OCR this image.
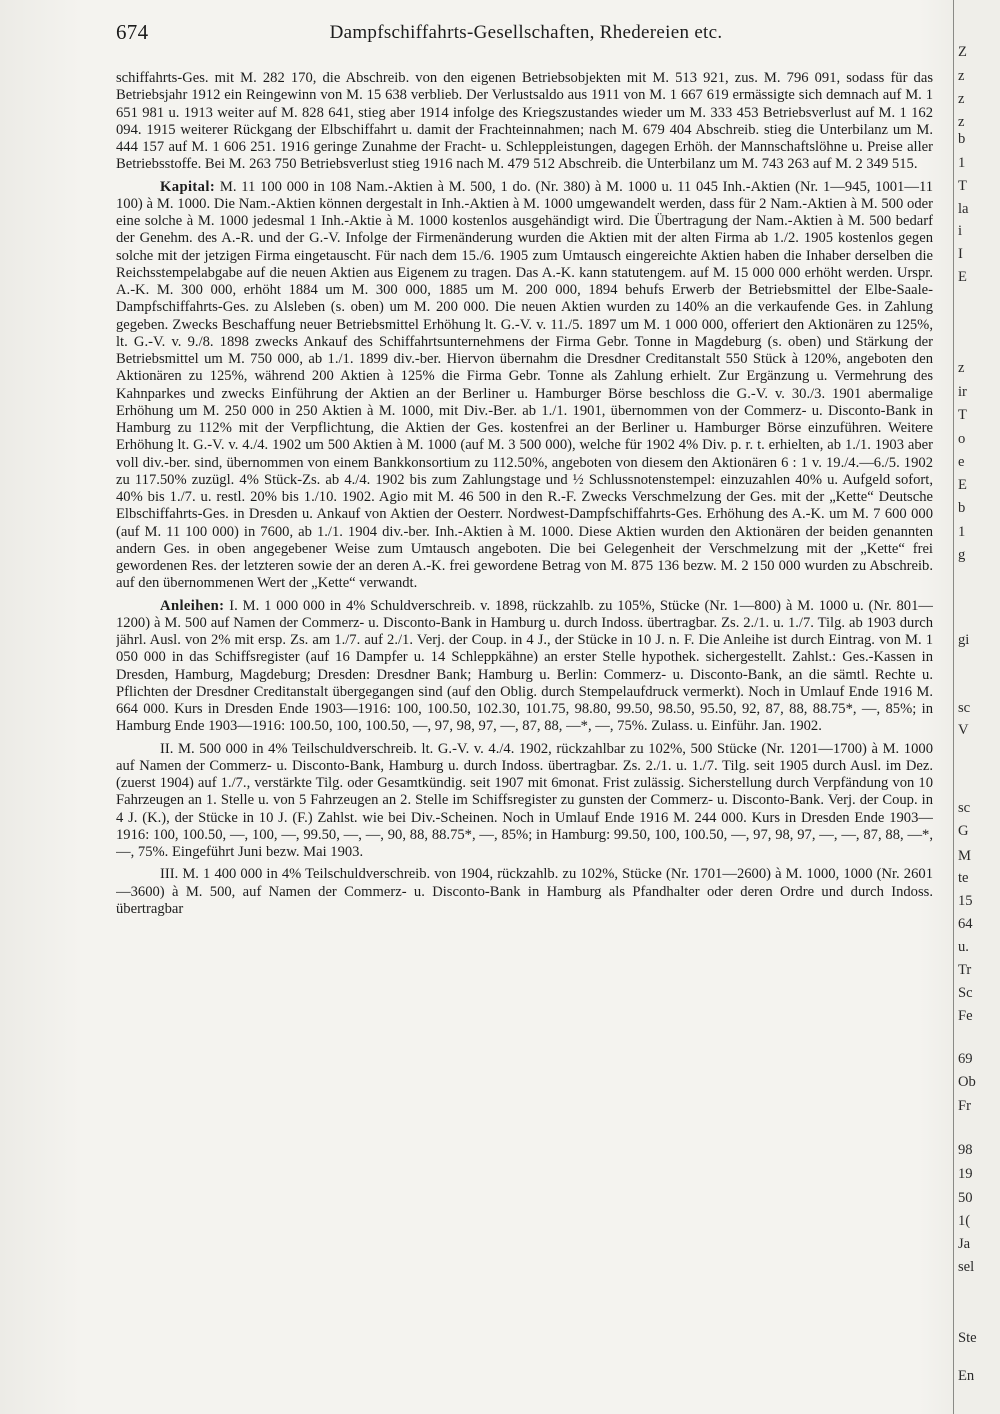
674	Dampfschiffahrts-Gesellschaften, Rhedereien etc.

schiffahrts-Ges. mit M. 282 170, die Abschreib. von den eigenen Betriebsobjekten mit M. 513 921, zus. M. 796 091, sodass für das Betriebsjahr 1912 ein Reingewinn von M. 15 638 verblieb. Der Verlustsaldo aus 1911 von M. 1 667 619 ermässigte sich demnach auf M. 1 651 981 u. 1913 weiter auf M. 828 641, stieg aber 1914 infolge des Kriegszustandes wieder um M. 333 453 Betriebsverlust auf M. 1 162 094. 1915 weiterer Rückgang der Elbschiffahrt u. damit der Frachteinnahmen; nach M. 679 404 Abschreib. stieg die Unterbilanz um M. 444 157 auf M. 1 606 251. 1916 geringe Zunahme der Fracht- u. Schleppleistungen, dagegen Erhöh. der Mannschaftslöhne u. Preise aller Betriebsstoffe. Bei M. 263 750 Betriebsverlust stieg 1916 nach M. 479 512 Abschreib. die Unterbilanz um M. 743 263 auf M. 2 349 515.

Kapital: M. 11 100 000 in 108 Nam.-Aktien à M. 500, 1 do. (Nr. 380) à M. 1000 u. 11 045 Inh.-Aktien (Nr. 1—945, 1001—11 100) à M. 1000. Die Nam.-Aktien können dergestalt in Inh.-Aktien à M. 1000 umgewandelt werden, dass für 2 Nam.-Aktien à M. 500 oder eine solche à M. 1000 jedesmal 1 Inh.-Aktie à M. 1000 kostenlos ausgehändigt wird. Die Übertragung der Nam.-Aktien à M. 500 bedarf der Genehm. des A.-R. und der G.-V. Infolge der Firmenänderung wurden die Aktien mit der alten Firma ab 1./2. 1905 kostenlos gegen solche mit der jetzigen Firma eingetauscht. Für nach dem 15./6. 1905 zum Umtausch eingereichte Aktien haben die Inhaber derselben die Reichsstempelabgabe auf die neuen Aktien aus Eigenem zu tragen. Das A.-K. kann statutengem. auf M. 15 000 000 erhöht werden. Urspr. A.-K. M. 300 000, erhöht 1884 um M. 300 000, 1885 um M. 200 000, 1894 behufs Erwerb der Betriebsmittel der Elbe-Saale-Dampfschiffahrts-Ges. zu Alsleben (s. oben) um M. 200 000. Die neuen Aktien wurden zu 140% an die verkaufende Ges. in Zahlung gegeben. Zwecks Beschaffung neuer Betriebsmittel Erhöhung lt. G.-V. v. 11./5. 1897 um M. 1 000 000, offeriert den Aktionären zu 125%, lt. G.-V. v. 9./8. 1898 zwecks Ankauf des Schiffahrtsunternehmens der Firma Gebr. Tonne in Magdeburg (s. oben) und Stärkung der Betriebsmittel um M. 750 000, ab 1./1. 1899 div.-ber. Hiervon übernahm die Dresdner Creditanstalt 550 Stück à 120%, angeboten den Aktionären zu 125%, während 200 Aktien à 125% die Firma Gebr. Tonne als Zahlung erhielt. Zur Ergänzung u. Vermehrung des Kahnparkes und zwecks Einführung der Aktien an der Berliner u. Hamburger Börse beschloss die G.-V. v. 30./3. 1901 abermalige Erhöhung um M. 250 000 in 250 Aktien à M. 1000, mit Div.-Ber. ab 1./1. 1901, übernommen von der Commerz- u. Disconto-Bank in Hamburg zu 112% mit der Verpflichtung, die Aktien der Ges. kostenfrei an der Berliner u. Hamburger Börse einzuführen. Weitere Erhöhung lt. G.-V. v. 4./4. 1902 um 500 Aktien à M. 1000 (auf M. 3 500 000), welche für 1902 4% Div. p. r. t. erhielten, ab 1./1. 1903 aber voll div.-ber. sind, übernommen von einem Bankkonsortium zu 112.50%, angeboten von diesem den Aktionären 6 : 1 v. 19./4.—6./5. 1902 zu 117.50% zuzügl. 4% Stück-Zs. ab 4./4. 1902 bis zum Zahlungstage und ½ Schlussnotenstempel: einzuzahlen 40% u. Aufgeld sofort, 40% bis 1./7. u. restl. 20% bis 1./10. 1902. Agio mit M. 46 500 in den R.-F. Zwecks Verschmelzung der Ges. mit der „Kette“ Deutsche Elbschiffahrts-Ges. in Dresden u. Ankauf von Aktien der Oesterr. Nordwest-Dampfschiffahrts-Ges. Erhöhung des A.-K. um M. 7 600 000 (auf M. 11 100 000) in 7600, ab 1./1. 1904 div.-ber. Inh.-Aktien à M. 1000. Diese Aktien wurden den Aktionären der beiden genannten andern Ges. in oben angegebener Weise zum Umtausch angeboten. Die bei Gelegenheit der Verschmelzung mit der „Kette“ frei gewordenen Res. der letzteren sowie der an deren A.-K. frei gewordene Betrag von M. 875 136 bezw. M. 2 150 000 wurden zu Abschreib. auf den übernommenen Wert der „Kette“ verwandt.

Anleihen: I. M. 1 000 000 in 4% Schuldverschreib. v. 1898, rückzahlb. zu 105%, Stücke (Nr. 1—800) à M. 1000 u. (Nr. 801—1200) à M. 500 auf Namen der Commerz- u. Disconto-Bank in Hamburg u. durch Indoss. übertragbar. Zs. 2./1. u. 1./7. Tilg. ab 1903 durch jährl. Ausl. von 2% mit ersp. Zs. am 1./7. auf 2./1. Verj. der Coup. in 4 J., der Stücke in 10 J. n. F. Die Anleihe ist durch Eintrag. von M. 1 050 000 in das Schiffsregister (auf 16 Dampfer u. 14 Schleppkähne) an erster Stelle hypothek. sichergestellt. Zahlst.: Ges.-Kassen in Dresden, Hamburg, Magdeburg; Dresden: Dresdner Bank; Hamburg u. Berlin: Commerz- u. Disconto-Bank, an die sämtl. Rechte u. Pflichten der Dresdner Creditanstalt übergegangen sind (auf den Oblig. durch Stempelaufdruck vermerkt). Noch in Umlauf Ende 1916 M. 664 000. Kurs in Dresden Ende 1903—1916: 100, 100.50, 102.30, 101.75, 98.80, 99.50, 98.50, 95.50, 92, 87, 88, 88.75*, —, 85%; in Hamburg Ende 1903—1916: 100.50, 100, 100.50, —, 97, 98, 97, —, 87, 88, —*, —, 75%. Zulass. u. Einführ. Jan. 1902.

II. M. 500 000 in 4% Teilschuldverschreib. lt. G.-V. v. 4./4. 1902, rückzahlbar zu 102%, 500 Stücke (Nr. 1201—1700) à M. 1000 auf Namen der Commerz- u. Disconto-Bank, Hamburg u. durch Indoss. übertragbar. Zs. 2./1. u. 1./7. Tilg. seit 1905 durch Ausl. im Dez. (zuerst 1904) auf 1./7., verstärkte Tilg. oder Gesamtkündig. seit 1907 mit 6monat. Frist zulässig. Sicherstellung durch Verpfändung von 10 Fahrzeugen an 1. Stelle u. von 5 Fahrzeugen an 2. Stelle im Schiffsregister zu gunsten der Commerz- u. Disconto-Bank. Verj. der Coup. in 4 J. (K.), der Stücke in 10 J. (F.) Zahlst. wie bei Div.-Scheinen. Noch in Umlauf Ende 1916 M. 244 000. Kurs in Dresden Ende 1903—1916: 100, 100.50, —, 100, —, 99.50, —, —, 90, 88, 88.75*, —, 85%; in Hamburg: 99.50, 100, 100.50, —, 97, 98, 97, —, —, 87, 88, —*, —, 75%. Eingeführt Juni bezw. Mai 1903.

III. M. 1 400 000 in 4% Teilschuldverschreib. von 1904, rückzahlb. zu 102%, Stücke (Nr. 1701—2600) à M. 1000, 1000 (Nr. 2601—3600) à M. 500, auf Namen der Commerz- u. Disconto-Bank in Hamburg als Pfandhalter oder deren Ordre und durch Indoss. übertragbar

Z
z
z
z
b
1
T
la
i
I
E
z
ir
T
o
e
E
b
1
g
gi
sc
V
sc
G
M
te
15
64
u.
Tr
Sc
Fe
69
Ob
Fr
98
19
50
1(
Ja
sel
Ste
En
